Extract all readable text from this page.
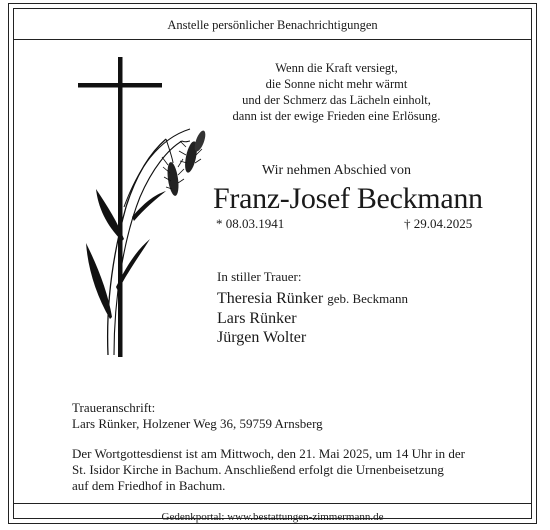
Anstelle persönlicher Benachrichtigungen
Wenn die Kraft versiegt,
die Sonne nicht mehr wärmt
und der Schmerz das Lächeln einholt,
dann ist der ewige Frieden eine Erlösung.
Wir nehmen Abschied von
Franz-Josef Beckmann
* 08.03.1941	† 29.04.2025
In stiller Trauer:
Theresia Rünker geb. Beckmann
Lars Rünker
Jürgen Wolter
Traueranschrift:
Lars Rünker, Holzener Weg 36, 59759 Arnsberg
Der Wortgottesdienst ist am Mittwoch, den 21. Mai 2025, um 14 Uhr in der
St. Isidor Kirche in Bachum. Anschließend erfolgt die Urnenbeisetzung
auf dem Friedhof in Bachum.
Gedenkportal: www.bestattungen-zimmermann.de
